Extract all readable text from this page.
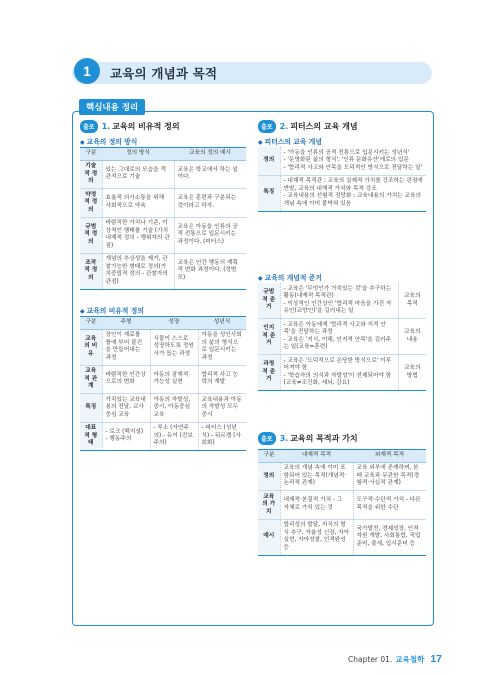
1	교육의 개념과 목적
핵심내용 정리
출포 1. 교육의 비유적 정의
◆ 교육의 정의 방식
구분	정의 방식	교육의 정의 예시
기술적 정의	있는 그대로의 모습을 객관적으로 기술	교육은 학교에서 하는 일이다.
약정적 정의	효율적 의사소통을 위해 사회적으로 약속	교육은 훈련과 구분되는 것이라고 하자.
규범적 정의	바람직한 가치나 기준, 이상적인 행태를 기술 (가치내재적 정의 - 행위자의 관점)	교육은 아동을 인류의 공적 전통으로 입문시키는 과정이다. (피터스)
조작적 정의	개념의 추상성을 제거, 관찰가능한 형태로 정의(가치중립적 정의 - 관찰자의 관점)	교육은 인간 행동의 계획적 변화 과정이다. (정범모)
◆ 교육의 비유적 정의
구분	주형	성장	성년식
교육의 비유	장인이 재료를 틀에 부어 물건을 만들어내는 과정	식물이 스스로 성장하도록 정원사가 돕는 과정	아동을 성인사회의 삶의 형식으로 입문시키는 과정
교육적 관계	바람직한 인간상으로의 변화	아동의 잠재적 가능성 실현	합리적 사고 능력의 계발
특징	가치있는 교육내용의 전달, 교사중심 교육	아동의 자발성, 중시, 아동중심 교육	교육내용과 아동의 자발성 모두 중시
대표적 형태	- 로크 (백지설) - 행동주의	- 루소 (자연주의) - 듀이 (진보주의)	- 피터스 (성년식) - 뒤르켐 (사회화)
출포 2. 피터스의 교육 개념
◆ 피터스의 교육 개념
정의	- '아동을 인류의 공적 전통으로 입문시키는 성년식'
- '문명화된 삶의 형식', '인류 문화유산'에로의 입문
- '합리적 사고와 안목을 도덕적인 방식으로 전달하는 일'
특징	- 내재적 목적관 : 교육의 실제적 가치를 강조하는 관점에 반발, 교육의 내재적 가치와 목적 강조
- 교육내용의 선험적 정당화 : 교육내용의 가치는 교육의 개념 속에 이미 붙박혀 있음
◆ 교육의 개념적 준거
규범적 준거	- 교육은 '무엇인가 가치있는 것'을 추구하는 활동(내재적 목적관)
- 이상적인 인간상인 '합리적 마음을 가진 자유인(교양인)'을 길러내는 일	교육의 목적
인지적 준거	- 교육은 아동에게 '합리적 사고와 지적 안목'을 전달하는 과정
- 교육은 '지식, 이해, 인지적 안목'을 길러주는 일(교육=훈련)	교육의 내용
과정적 준거	- 교육은 '도덕적으로 온당한 방식으로' 이루어져야 함
- '학습자의 의식과 자발성'이 전제되어야 함(교육≠조건화, 세뇌, 강요)	교육의 방법
출포 3. 교육의 목적과 가치
구분	내재적 목적	외재적 목적
정의	교육의 개념 속에 이미 포함되어 있는 목적(개념적·논리적 관계)	교육 외부에 존재하며, 본래 교육과 무관한 목적(경험적·사실적 관계)
교육의 가치	내재적·본질적 가치 - 그 자체로 가치 있는 것	도구적·수단적 가치 - 다른 목적을 위한 수단
예시	합리성의 발달, 지식의 형식 추구, 자율성 신장, 자아실현, 자아성찰, 인격완성 등	국가발전, 경제성장, 인적자원 개발, 사회통합, 직업준비, 출세, 입시준비 등
Chapter 01. 교육철학 17
